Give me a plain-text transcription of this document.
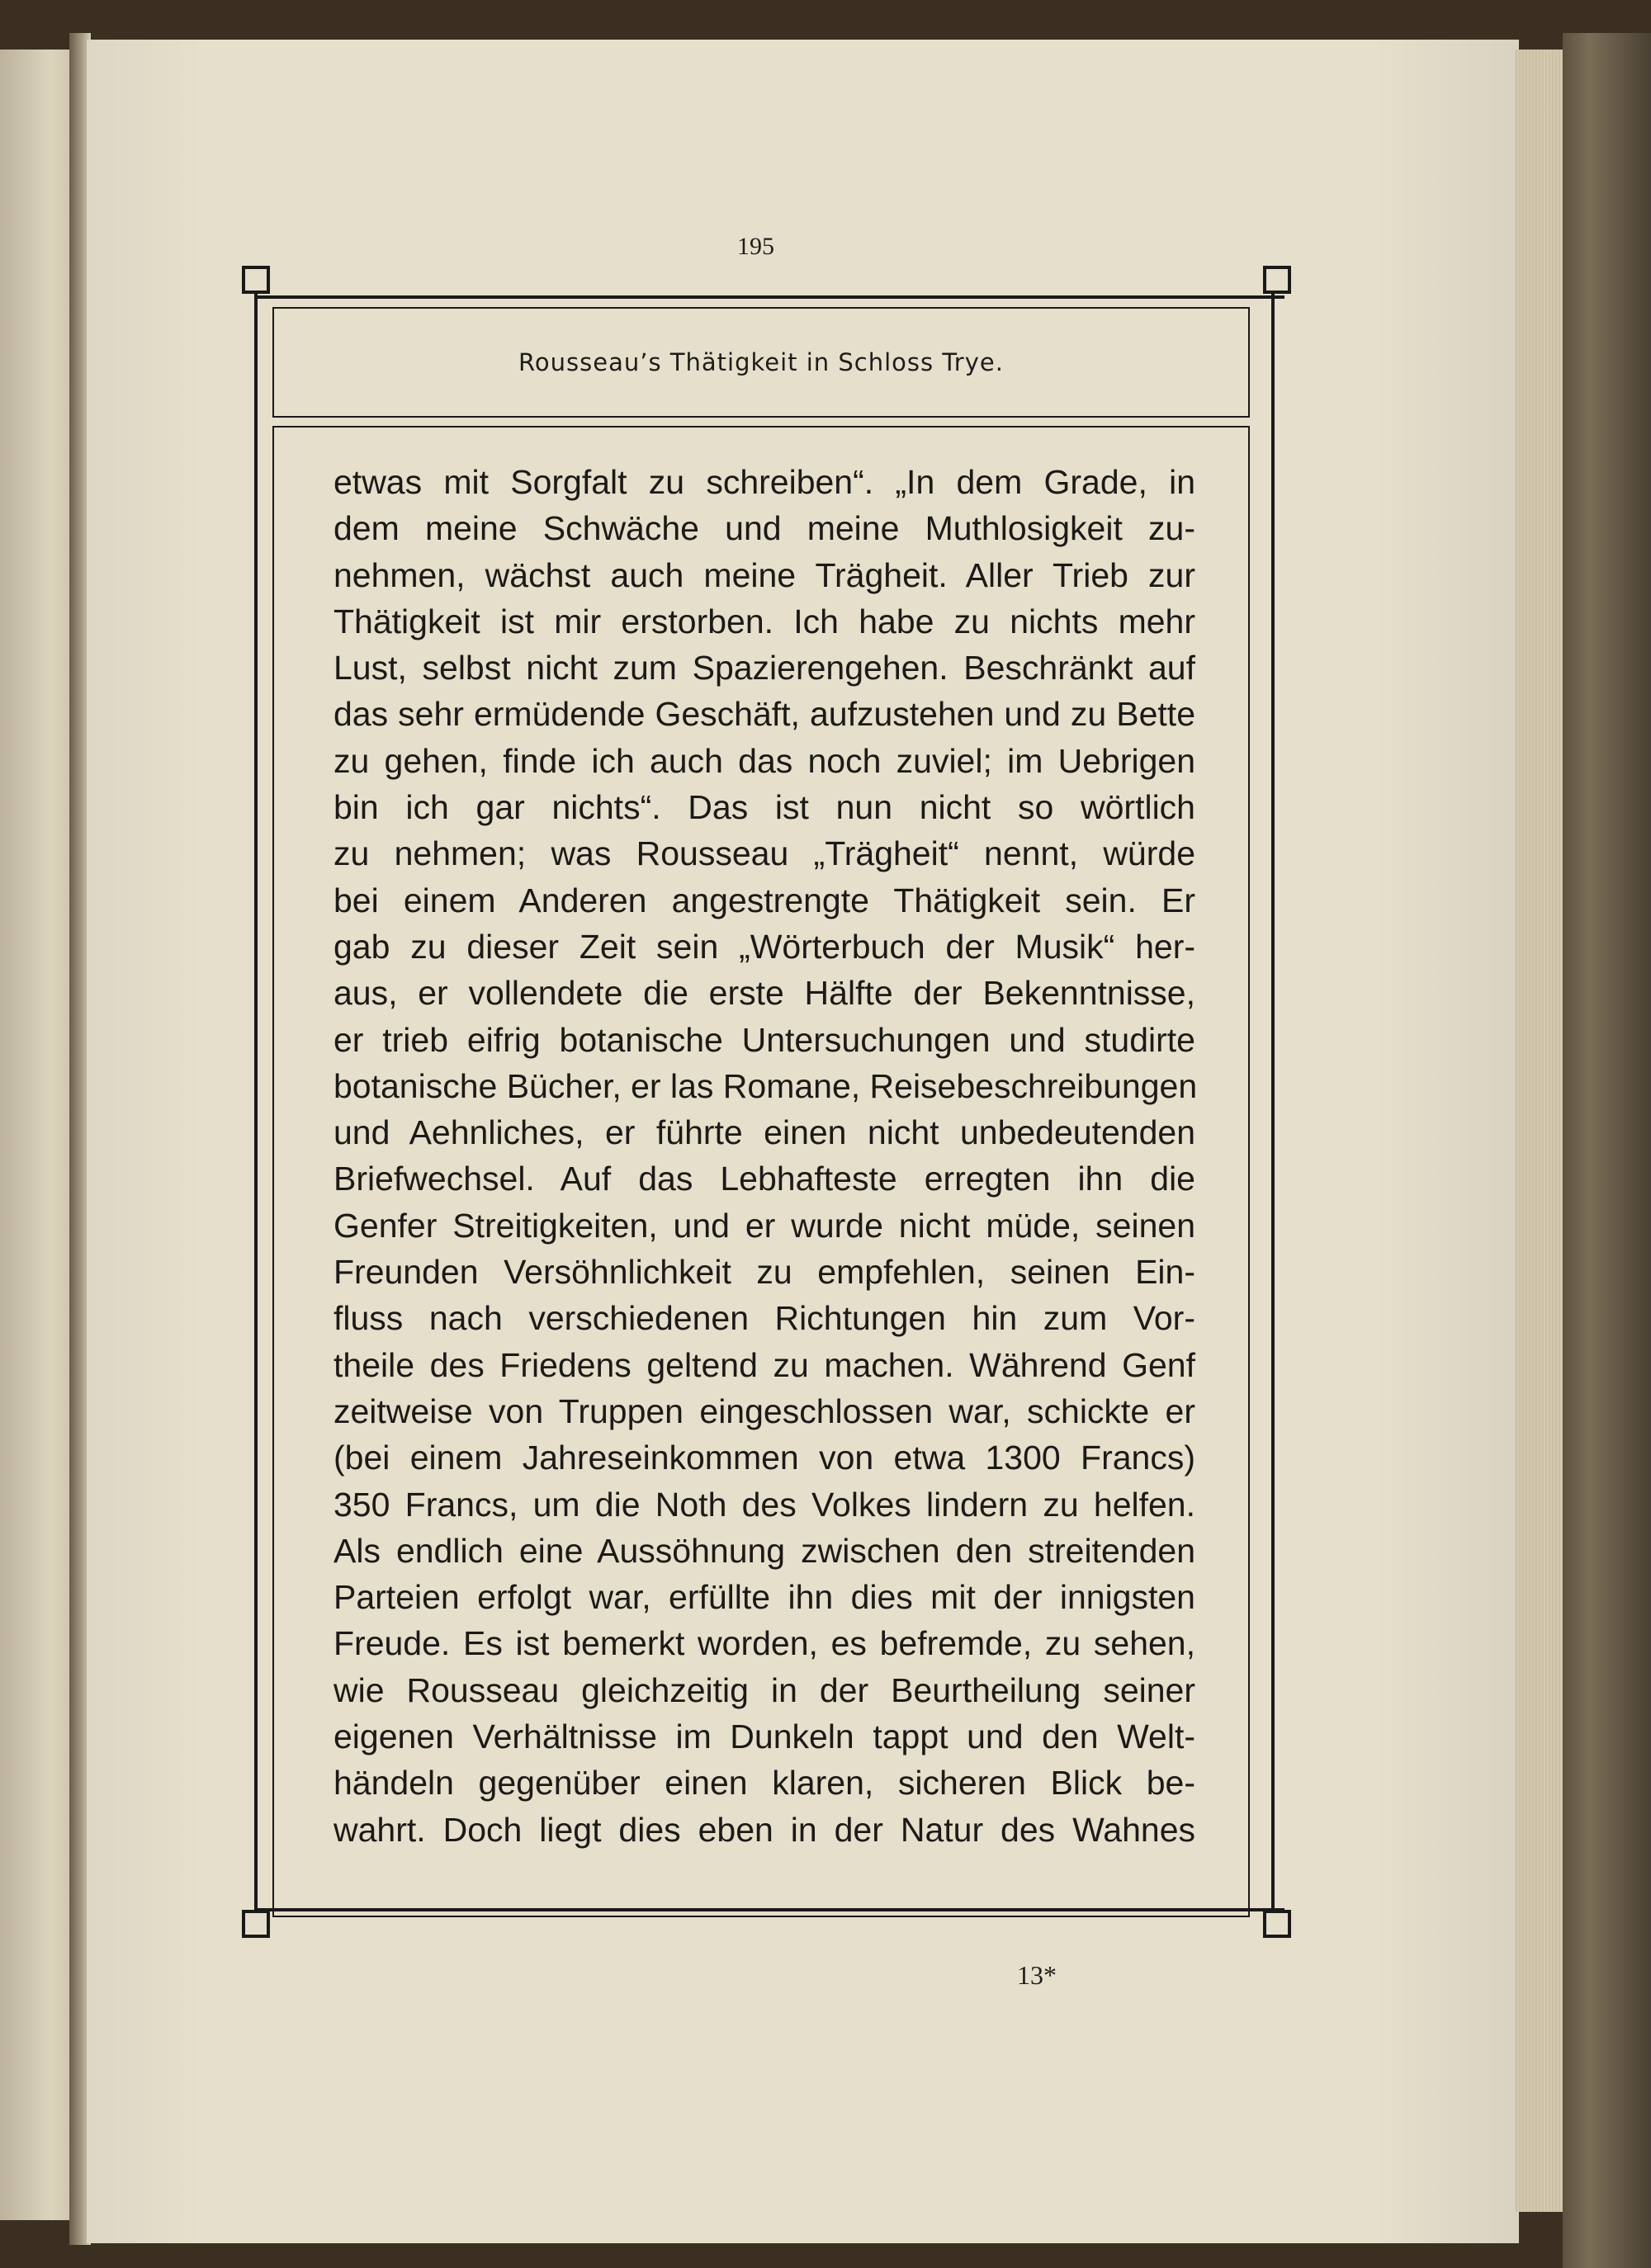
195
Rousseau’s Thätigkeit in Schloss Trye.
etwas mit Sorgfalt zu schreiben“. „In dem Grade, in
dem meine Schwäche und meine Muthlosigkeit zu-
nehmen, wächst auch meine Trägheit. Aller Trieb zur
Thätigkeit ist mir erstorben. Ich habe zu nichts mehr
Lust, selbst nicht zum Spazierengehen. Beschränkt auf
das sehr ermüdende Geschäft, aufzustehen und zu Bette
zu gehen, finde ich auch das noch zuviel; im Uebrigen
bin ich gar nichts“. Das ist nun nicht so wörtlich
zu nehmen; was Rousseau „Trägheit“ nennt, würde
bei einem Anderen angestrengte Thätigkeit sein. Er
gab zu dieser Zeit sein „Wörterbuch der Musik“ her-
aus, er vollendete die erste Hälfte der Bekenntnisse,
er trieb eifrig botanische Untersuchungen und studirte
botanische Bücher, er las Romane, Reisebeschreibungen
und Aehnliches, er führte einen nicht unbedeutenden
Briefwechsel. Auf das Lebhafteste erregten ihn die
Genfer Streitigkeiten, und er wurde nicht müde, seinen
Freunden Versöhnlichkeit zu empfehlen, seinen Ein-
fluss nach verschiedenen Richtungen hin zum Vor-
theile des Friedens geltend zu machen. Während Genf
zeitweise von Truppen eingeschlossen war, schickte er
(bei einem Jahreseinkommen von etwa 1300 Francs)
350 Francs, um die Noth des Volkes lindern zu helfen.
Als endlich eine Aussöhnung zwischen den streitenden
Parteien erfolgt war, erfüllte ihn dies mit der innigsten
Freude. Es ist bemerkt worden, es befremde, zu sehen,
wie Rousseau gleichzeitig in der Beurtheilung seiner
eigenen Verhältnisse im Dunkeln tappt und den Welt-
händeln gegenüber einen klaren, sicheren Blick be-
wahrt. Doch liegt dies eben in der Natur des Wahnes
13*
